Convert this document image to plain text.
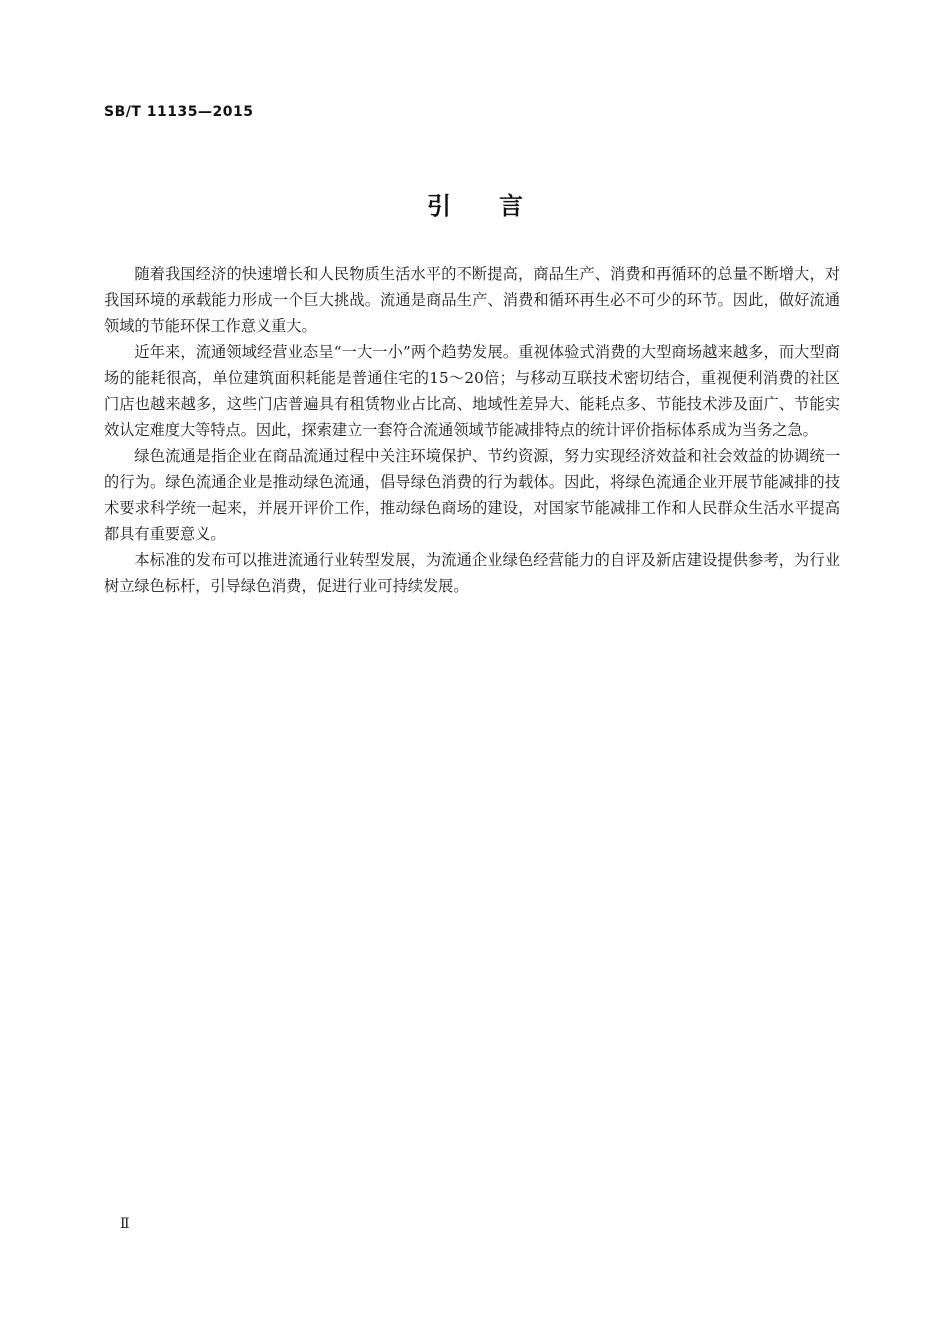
SB/T 11135—2015
引言

随着我国经济的快速增长和人民物质生活水平的不断提高，商品生产、消费和再循环的总量不断增大，对我国环境的承载能力形成一个巨大挑战。流通是商品生产、消费和循环再生必不可少的环节。因此，做好流通领域的节能环保工作意义重大。

近年来，流通领域经营业态呈“一大一小”两个趋势发展。重视体验式消费的大型商场越来越多，而大型商场的能耗很高，单位建筑面积耗能是普通住宅的15～20倍；与移动互联技术密切结合，重视便利消费的社区门店也越来越多，这些门店普遍具有租赁物业占比高、地域性差异大、能耗点多、节能技术涉及面广、节能实效认定难度大等特点。因此，探索建立一套符合流通领域节能减排特点的统计评价指标体系成为当务之急。

绿色流通是指企业在商品流通过程中关注环境保护、节约资源，努力实现经济效益和社会效益的协调统一的行为。绿色流通企业是推动绿色流通，倡导绿色消费的行为载体。因此，将绿色流通企业开展节能减排的技术要求科学统一起来，并展开评价工作，推动绿色商场的建设，对国家节能减排工作和人民群众生活水平提高都具有重要意义。

本标准的发布可以推进流通行业转型发展，为流通企业绿色经营能力的自评及新店建设提供参考，为行业树立绿色标杆，引导绿色消费，促进行业可持续发展。

Ⅱ
